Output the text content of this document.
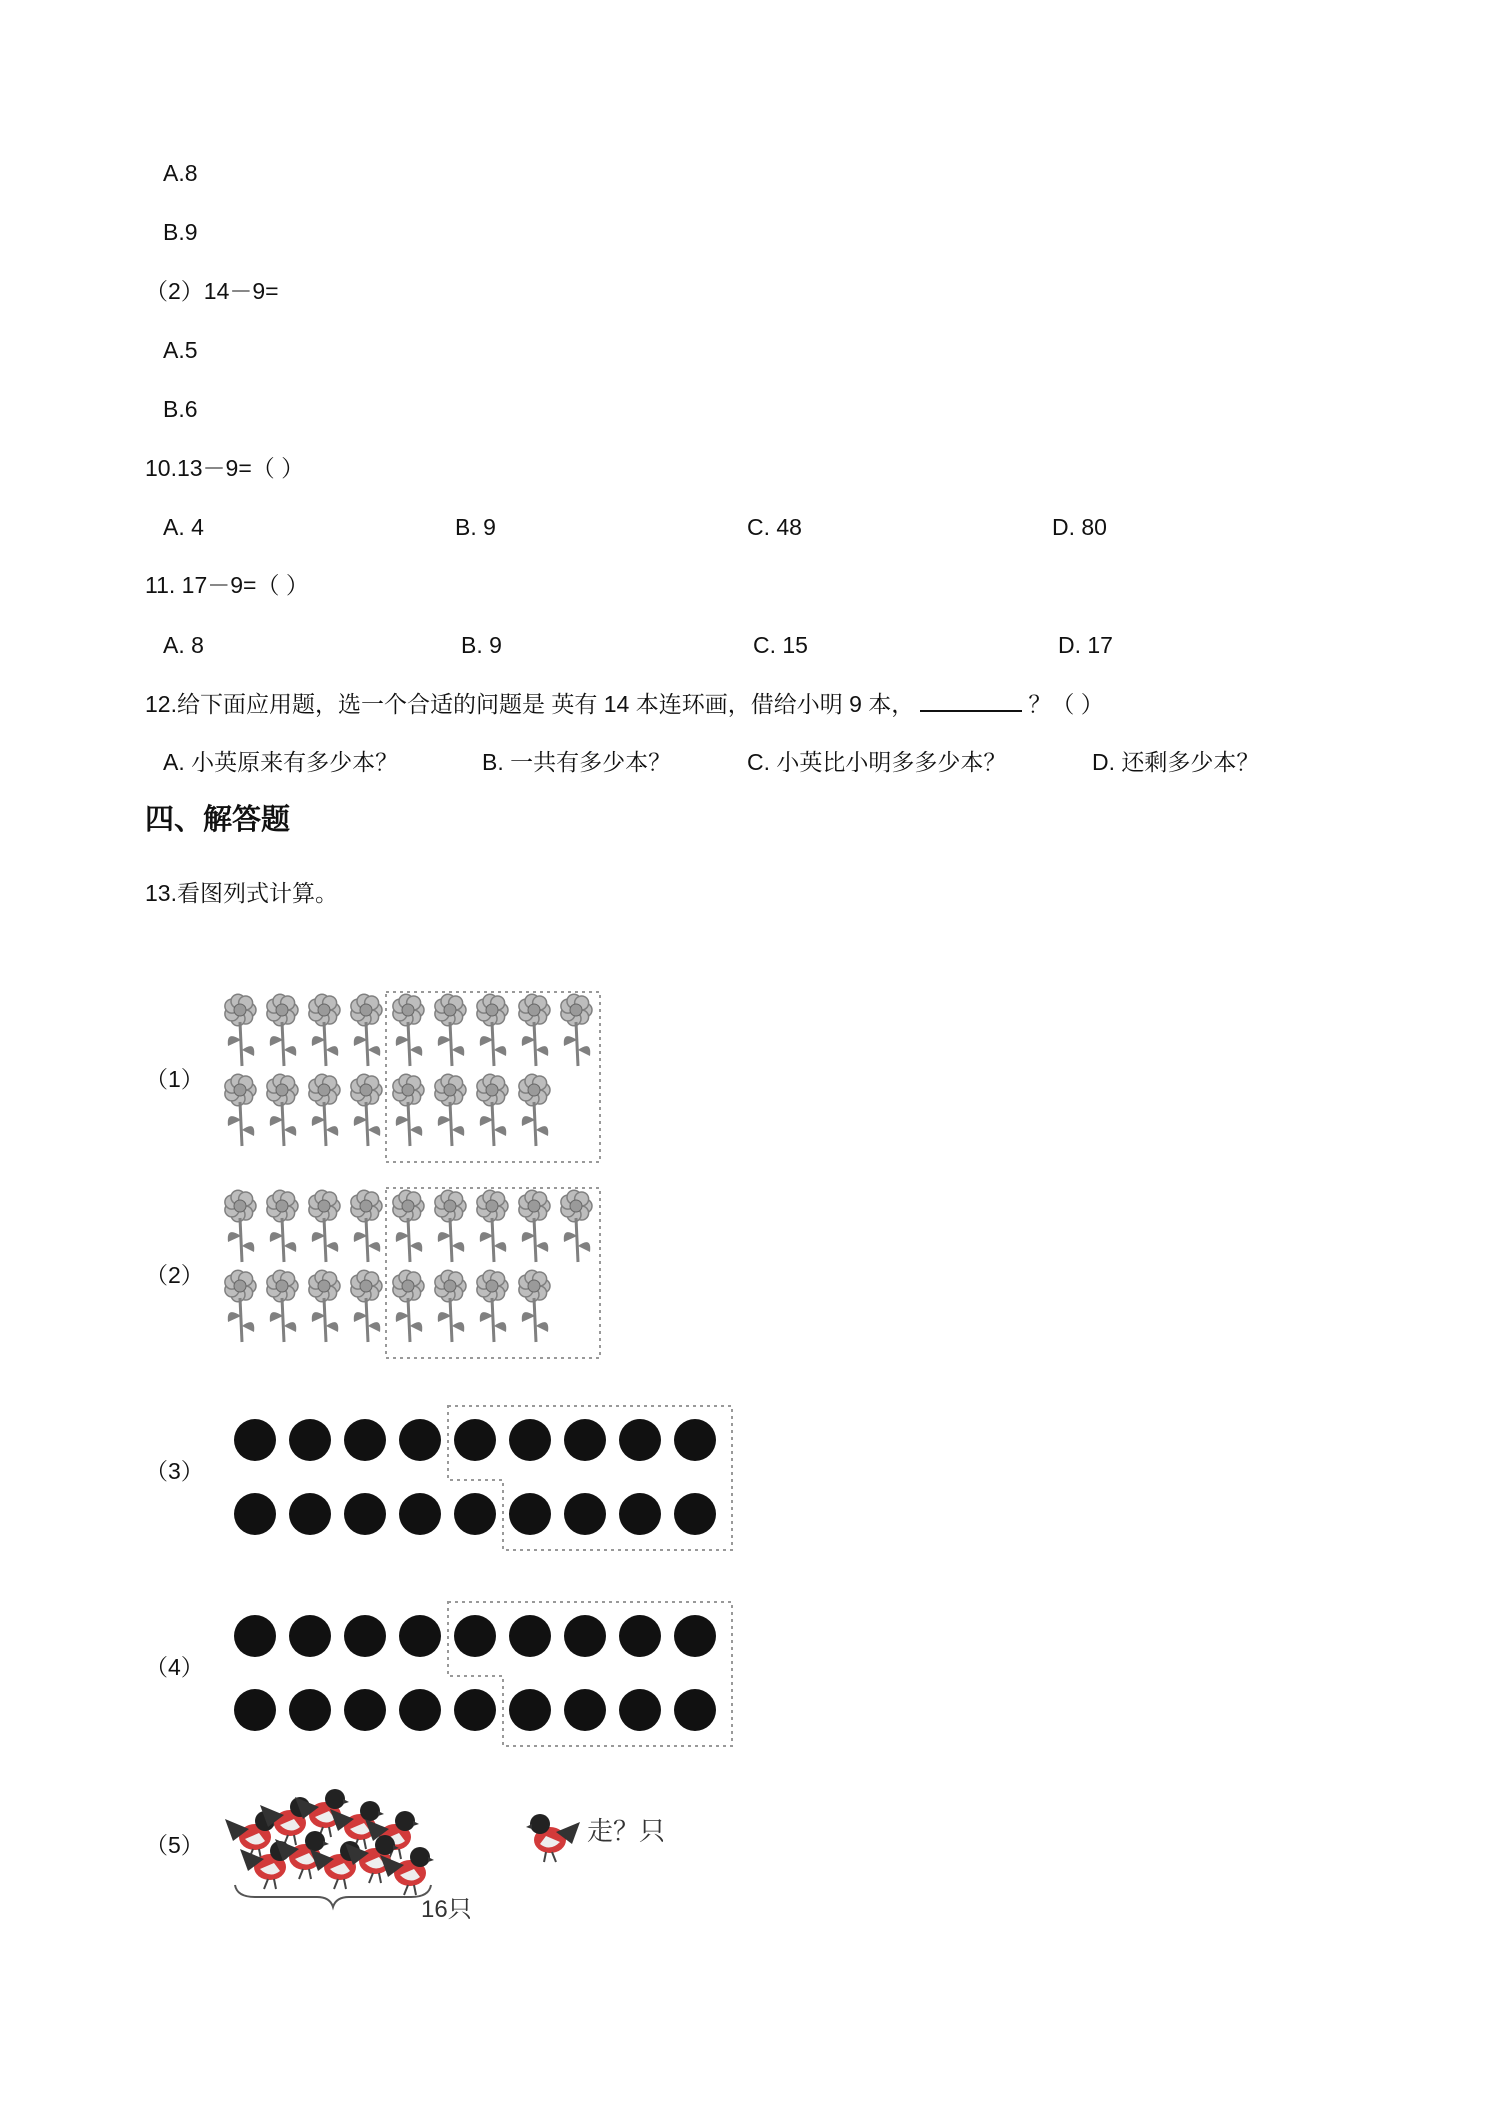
A.8
B.9
（2）14－9=
A.5
B.6
10.13－9=（ ）
A. 4	B. 9	C. 48	D. 80
11. 17－9=（ ）
A. 8	B. 9	C. 15	D. 17
12.给下面应用题，选一个合适的问题是 英有 14 本连环画，借给小明 9 本，	？（ ）
A. 小英原来有多少本？	B. 一共有多少本？	C. 小英比小明多多少本？	D. 还剩多少本？
四、解答题
13.看图列式计算。
（1）
（2）
（3）
（4）
（5）	走？只
16只
